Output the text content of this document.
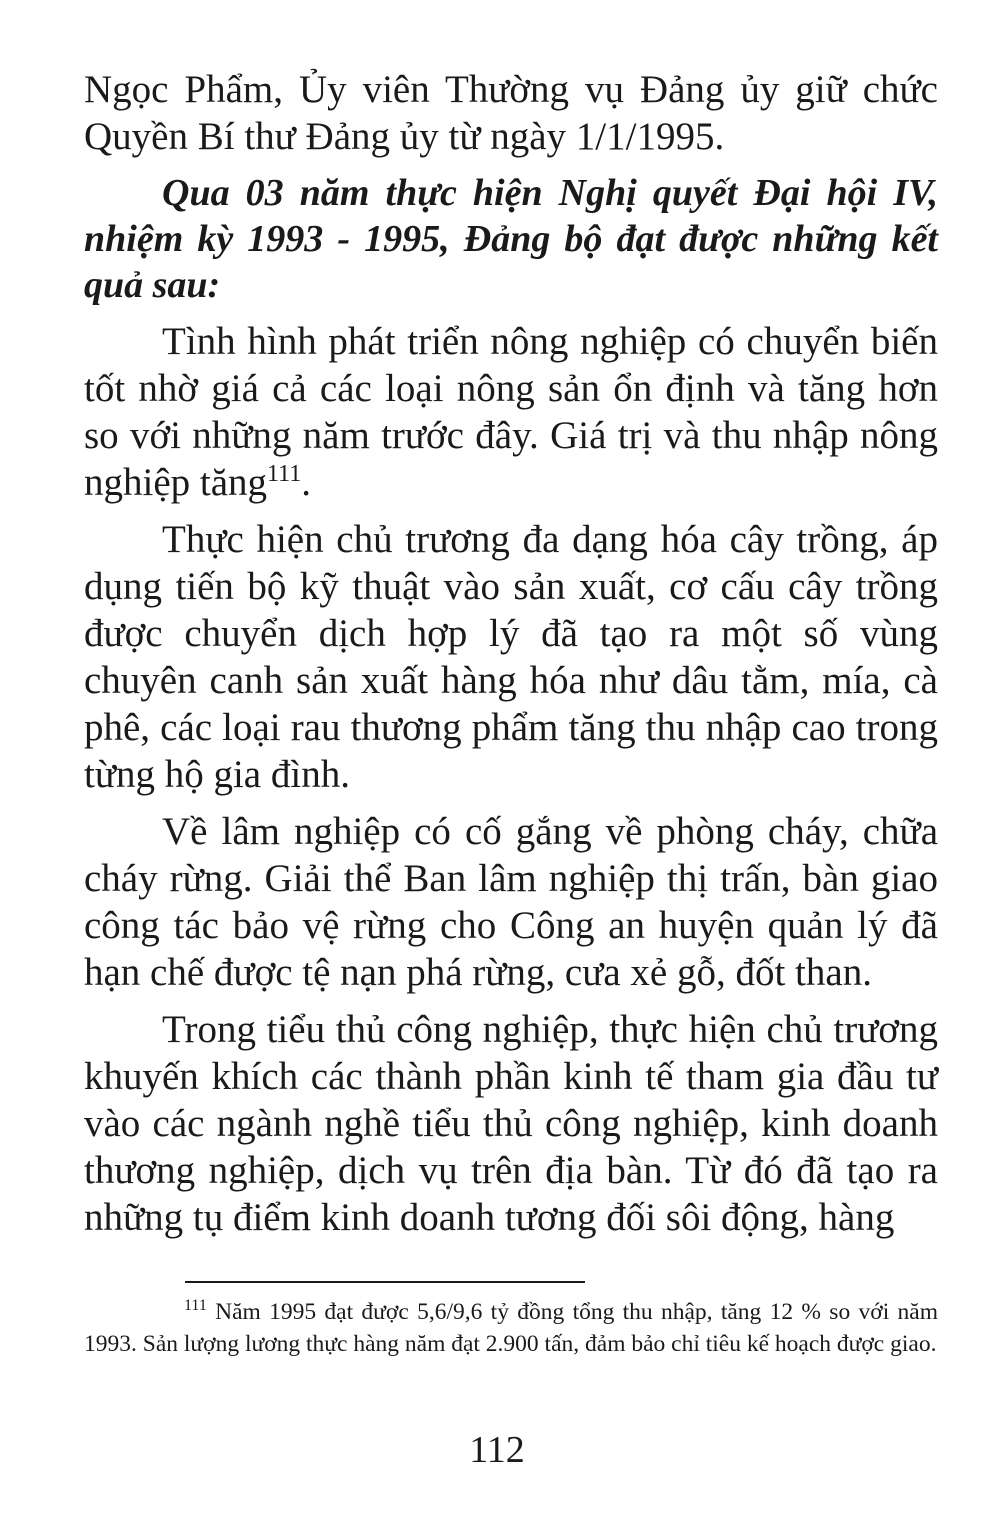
Ngọc Phẩm, Ủy viên Thường vụ Đảng ủy giữ chức Quyền Bí thư Đảng ủy từ ngày 1/1/1995.

Qua 03 năm thực hiện Nghị quyết Đại hội IV, nhiệm kỳ 1993 - 1995, Đảng bộ đạt được những kết quả sau:

Tình hình phát triển nông nghiệp có chuyển biến tốt nhờ giá cả các loại nông sản ổn định và tăng hơn so với những năm trước đây. Giá trị và thu nhập nông nghiệp tăng$^{111}$.

Thực hiện chủ trương đa dạng hóa cây trồng, áp dụng tiến bộ kỹ thuật vào sản xuất, cơ cấu cây trồng được chuyển dịch hợp lý đã tạo ra một số vùng chuyên canh sản xuất hàng hóa như dâu tằm, mía, cà phê, các loại rau thương phẩm tăng thu nhập cao trong từng hộ gia đình.

Về lâm nghiệp có cố gắng về phòng cháy, chữa cháy rừng. Giải thể Ban lâm nghiệp thị trấn, bàn giao công tác bảo vệ rừng cho Công an huyện quản lý đã hạn chế được tệ nạn phá rừng, cưa xẻ gỗ, đốt than.

Trong tiểu thủ công nghiệp, thực hiện chủ trương khuyến khích các thành phần kinh tế tham gia đầu tư vào các ngành nghề tiểu thủ công nghiệp, kinh doanh thương nghiệp, dịch vụ trên địa bàn. Từ đó đã tạo ra những tụ điểm kinh doanh tương đối sôi động, hàng

$^{111}$ Năm 1995 đạt được 5,6/9,6 tỷ đồng tổng thu nhập, tăng 12 % so với năm 1993. Sản lượng lương thực hàng năm đạt 2.900 tấn, đảm bảo chỉ tiêu kế hoạch được giao.

112
